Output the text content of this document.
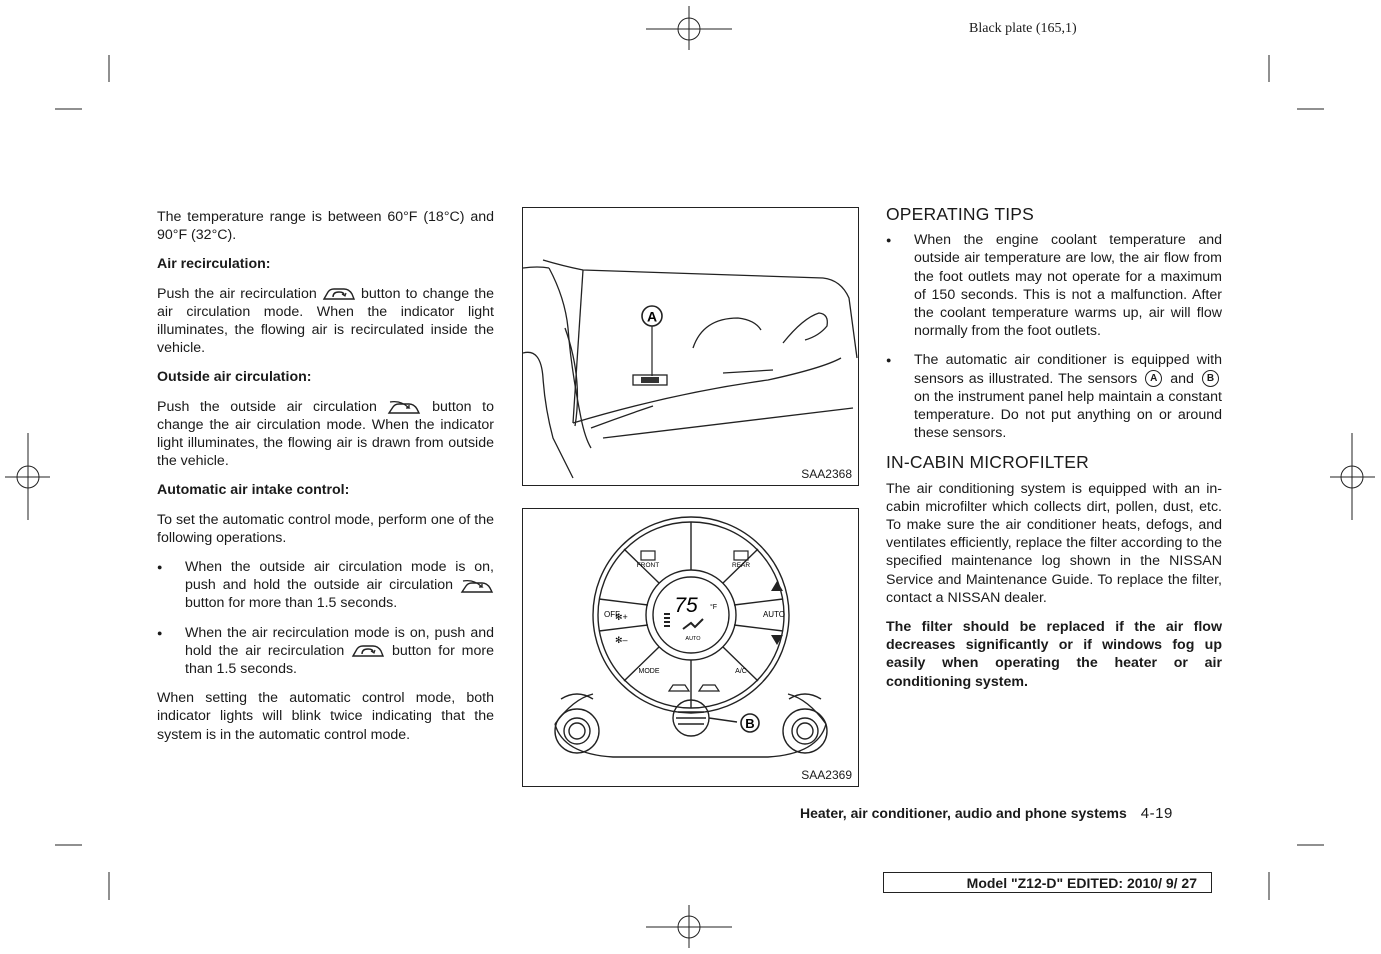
Black plate (165,1)

The temperature range is between 60°F (18°C) and 90°F (32°C).

Air recirculation:

Push the air recirculation	button to change the air circulation mode. When the indicator light illuminates, the flowing air is recirculated inside the vehicle.

Outside air circulation:

Push the outside air circulation	button to change the air circulation mode. When the indicator light illuminates, the flowing air is drawn from outside the vehicle.

Automatic air intake control:

To set the automatic control mode, perform one of the following operations.

● When the outside air circulation mode is on, push and hold the outside air circulation  button for more than 1.5 seconds.
● When the air recirculation mode is on, push and hold the air recirculation	button for more than 1.5 seconds.

When setting the automatic control mode, both indicator lights will blink twice indicating that the system is in the automatic control mode.

A
SAA2368
✻+
✻–
FRONT	REAR
OFF	AUTO
MODE	A/C
AUTO
75 °F
B
SAA2369
OPERATING TIPS
● When the engine coolant temperature and outside air temperature are low, the air flow from the foot outlets may not operate for a maximum of 150 seconds. This is not a malfunction. After the coolant temperature warms up, air will flow normally from the foot outlets.
● The automatic air conditioner is equipped with sensors as illustrated. The sensors A and B on the instrument panel help maintain a constant temperature. Do not put anything on or around these sensors.
IN-CABIN MICROFILTER

The air conditioning system is equipped with an in-cabin microfilter which collects dirt, pollen, dust, etc. To make sure the air conditioner heats, defogs, and ventilates efficiently, replace the filter according to the specified maintenance log shown in the NISSAN Service and Maintenance Guide. To replace the filter, contact a NISSAN dealer.

The filter should be replaced if the air flow decreases significantly or if windows fog up easily when operating the heater or air conditioning system.

Heater, air conditioner, audio and phone systems 4-19
Model "Z12-D" EDITED: 2010/ 9/ 27
